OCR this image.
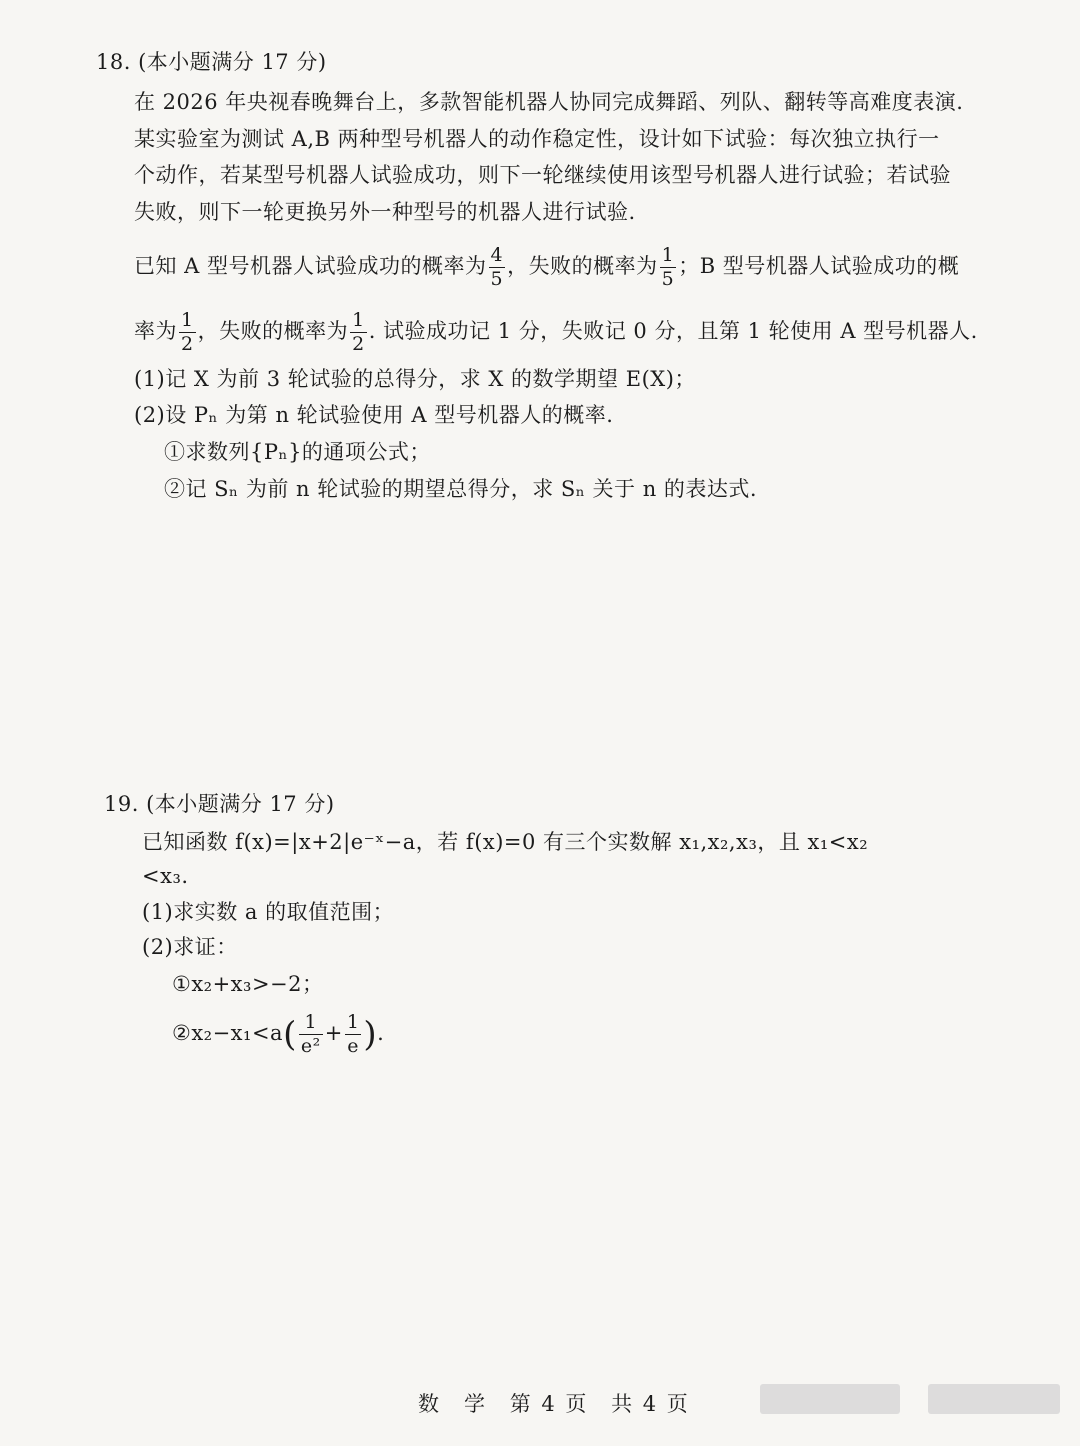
18. (本小题满分 17 分)
在 2026 年央视春晚舞台上，多款智能机器人协同完成舞蹈、列队、翻转等高难度表演.
某实验室为测试 A,B 两种型号机器人的动作稳定性，设计如下试验：每次独立执行一
个动作，若某型号机器人试验成功，则下一轮继续使用该型号机器人进行试验；若试验
失败，则下一轮更换另外一种型号的机器人进行试验.
已知 A 型号机器人试验成功的概率为 $\frac{4}{5}$ ，失败的概率为 $\frac{1}{5}$ ；B 型号机器人试验成功的概
率为 $\frac{1}{2}$ ，失败的概率为 $\frac{1}{2}$ . 试验成功记 1 分，失败记 0 分，且第 1 轮使用 A 型号机器人.
(1)记 X 为前 3 轮试验的总得分，求 X 的数学期望 E(X)；
(2)设 Pₙ 为第 n 轮试验使用 A 型号机器人的概率.
①求数列{Pₙ}的通项公式；
②记 Sₙ 为前 n 轮试验的期望总得分，求 Sₙ 关于 n 的表达式.
19. (本小题满分 17 分)
已知函数 f(x)=|x+2|e⁻ˣ−a，若 f(x)=0 有三个实数解 x₁,x₂,x₃，且 x₁<x₂
<x₃.
(1)求实数 a 的取值范围；
(2)求证：
①x₂+x₃>−2；
②x₂−x₁<a( $\frac{1}{\text{e²}} + \frac{1}{e}$ ).
数　学 第 4 页 共 4 页
